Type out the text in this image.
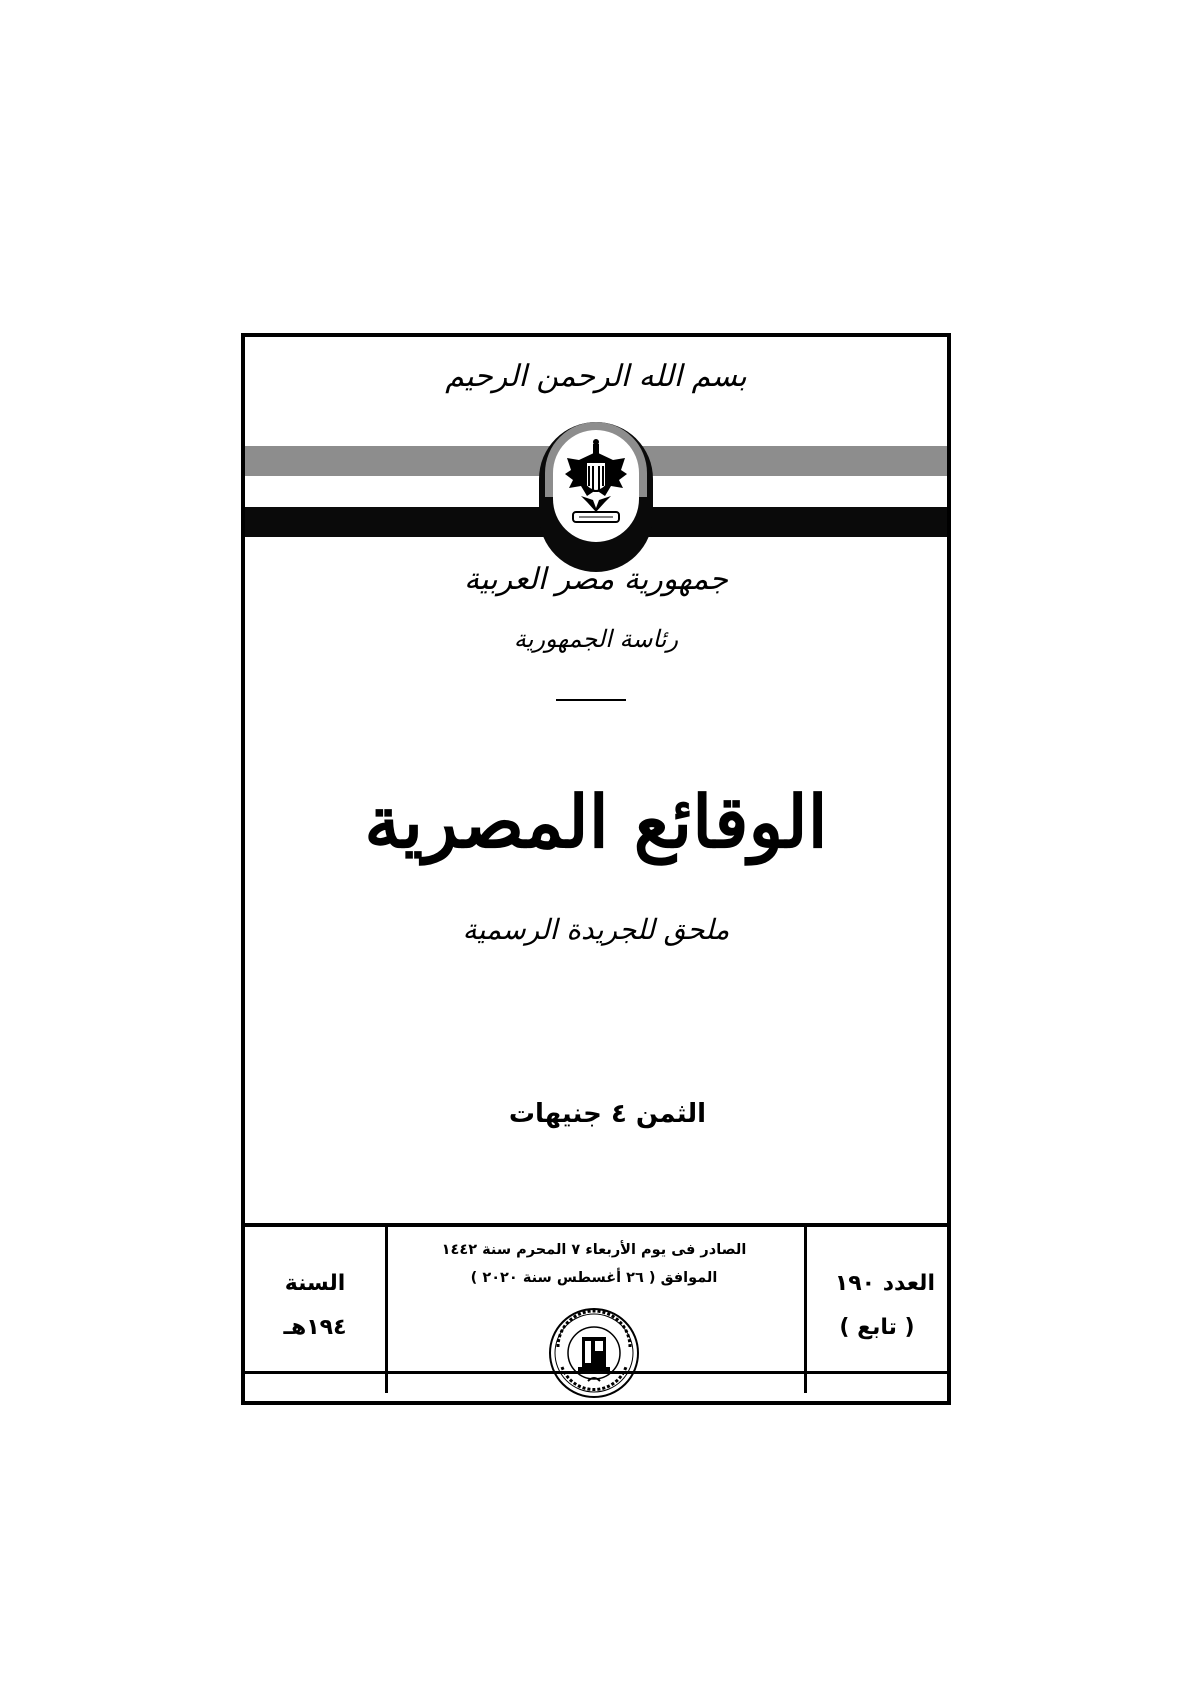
بسم الله الرحمن الرحيم
جمهورية مصر العربية
رئاسة الجمهورية
الوقائع المصرية
ملحق للجريدة الرسمية
الثمن ٤ جنيهات
العدد ١٩٠
( تابع )
الصادر فى يوم الأربعاء ٧ المحرم سنة ١٤٤٢
الموافق ( ٢٦ أغسطس سنة ٢٠٢٠ )
السنة
١٩٤هـ
